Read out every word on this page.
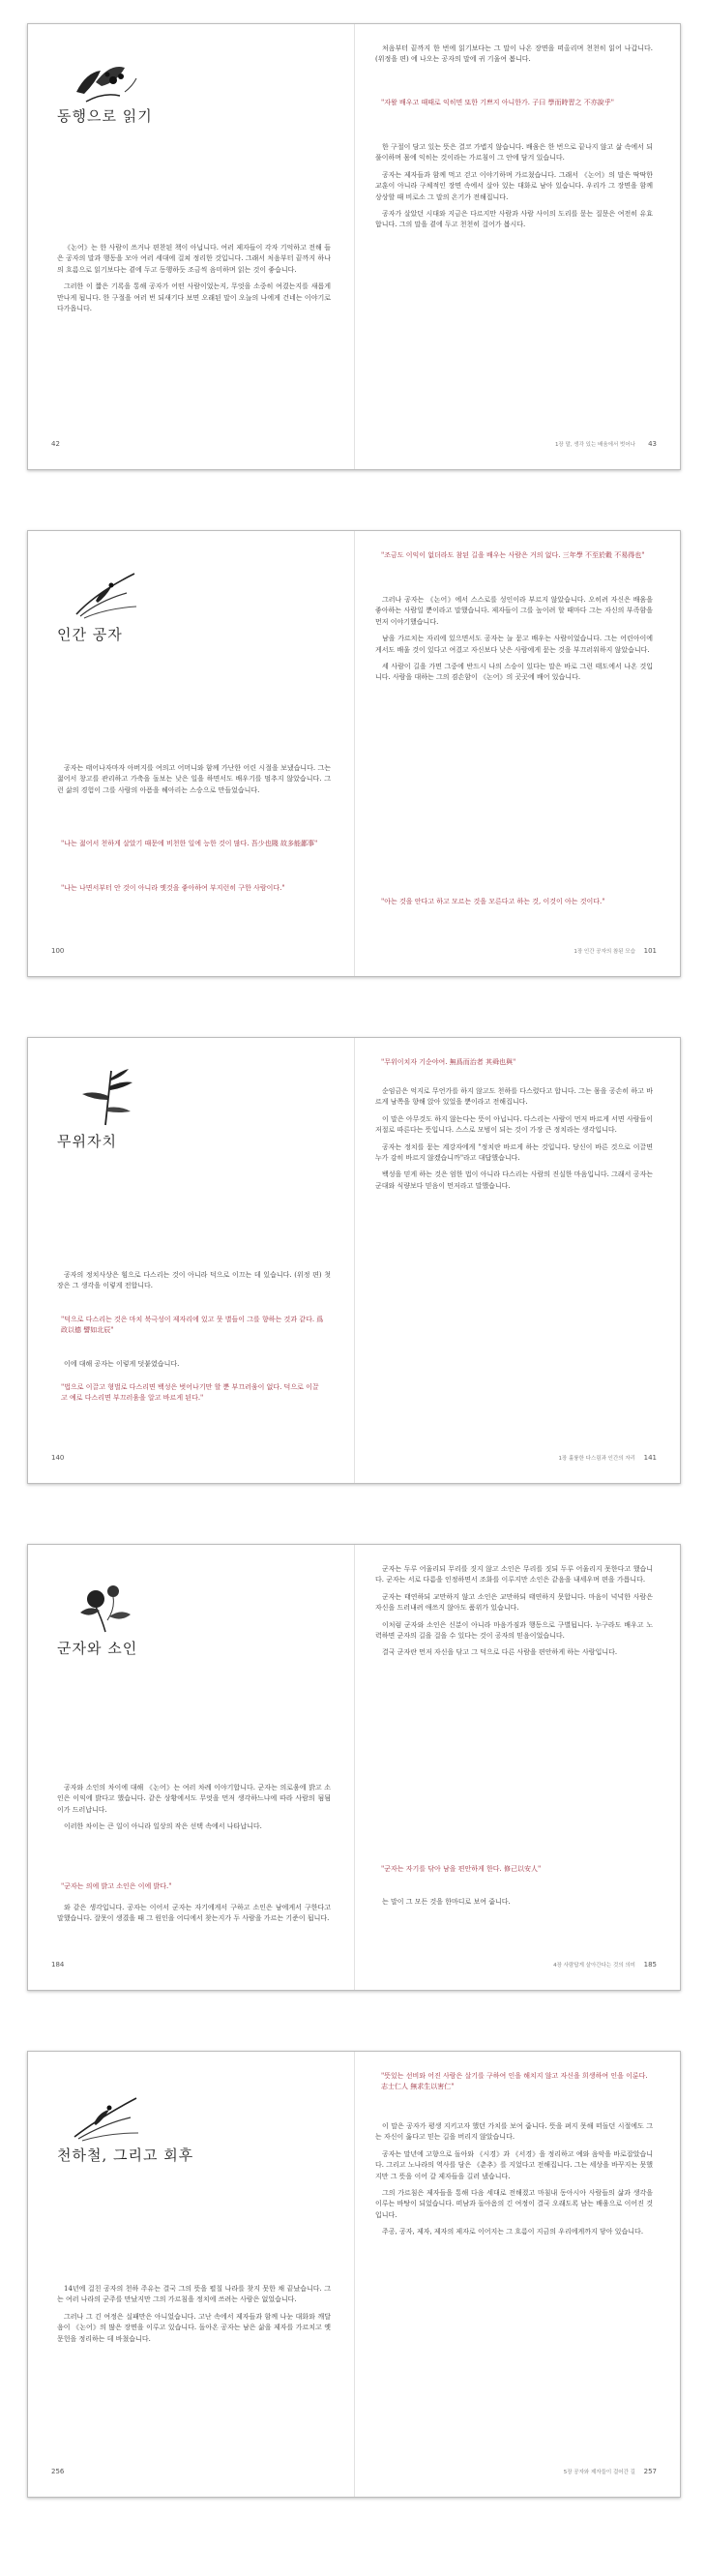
동행으로 읽기

《논어》는 한 사람이 쓰거나 편찬된 책이 아닙니다. 여러 제자들이 각자 기억하고 전해 들은 공자의 말과 행동을 모아 여러 세대에 걸쳐 정리한 것입니다. 그래서 처음부터 끝까지 하나의 흐름으로 읽기보다는 곁에 두고 동행하듯 조금씩 음미하며 읽는 것이 좋습니다.

그러한 이 짧은 기록을 통해 공자가 어떤 사람이었는지, 무엇을 소중히 여겼는지를 새롭게 만나게 됩니다. 한 구절을 여러 번 되새기다 보면 오래된 말이 오늘의 나에게 건네는 이야기로 다가옵니다.

42

처음부터 끝까지 한 번에 읽기보다는 그 말이 나온 장면을 떠올리며 천천히 읽어 나갑니다. (위정을 편) 에 나오는 공자의 말에 귀 기울여 봅니다.

"자왈 배우고 때때로 익히면 또한 기쁘지 아니한가. 子曰 學而時習之 不亦說乎"

한 구절이 담고 있는 뜻은 결코 가볍지 않습니다. 배움은 한 번으로 끝나지 않고 삶 속에서 되풀이하며 몸에 익히는 것이라는 가르침이 그 안에 담겨 있습니다.

공자는 제자들과 함께 먹고 걷고 이야기하며 가르쳤습니다. 그래서 《논어》의 말은 딱딱한 교훈이 아니라 구체적인 장면 속에서 살아 있는 대화로 남아 있습니다. 우리가 그 장면을 함께 상상할 때 비로소 그 말의 온기가 전해집니다.

공자가 살았던 시대와 지금은 다르지만 사람과 사람 사이의 도리를 묻는 질문은 여전히 유효합니다. 그의 말을 곁에 두고 천천히 걸어가 봅시다.

1장 말, 생각 있는 배움에서 벗어나 43
인간 공자

공자는 태어나자마자 아버지를 여의고 어머니와 함께 가난한 어린 시절을 보냈습니다. 그는 젊어서 창고를 관리하고 가축을 돌보는 낮은 일을 하면서도 배우기를 멈추지 않았습니다. 그런 삶의 경험이 그를 사람의 아픔을 헤아리는 스승으로 만들었습니다.

"나는 젊어서 천하게 살았기 때문에 비천한 일에 능한 것이 많다. 吾少也賤 故多能鄙事"

"나는 나면서부터 안 것이 아니라 옛것을 좋아하여 부지런히 구한 사람이다."

100

"조금도 이익이 없더라도 참된 길을 배우는 사람은 거의 없다. 三年學 不至於穀 不易得也"

그러나 공자는 《논어》에서 스스로를 성인이라 부르지 않았습니다. 오히려 자신은 배움을 좋아하는 사람일 뿐이라고 말했습니다. 제자들이 그를 높이려 할 때마다 그는 자신의 부족함을 먼저 이야기했습니다.

남을 가르치는 자리에 있으면서도 공자는 늘 묻고 배우는 사람이었습니다. 그는 어린아이에게서도 배울 것이 있다고 여겼고 자신보다 낮은 사람에게 묻는 것을 부끄러워하지 않았습니다.

세 사람이 길을 가면 그중에 반드시 나의 스승이 있다는 말은 바로 그런 태도에서 나온 것입니다. 사람을 대하는 그의 겸손함이 《논어》의 곳곳에 배어 있습니다.

"아는 것을 안다고 하고 모르는 것을 모른다고 하는 것, 이것이 아는 것이다."

1장 인간 공자의 참된 모습 101
무위자치

공자의 정치사상은 힘으로 다스리는 것이 아니라 덕으로 이끄는 데 있습니다. (위정 편) 첫 장은 그 생각을 이렇게 전합니다.

"덕으로 다스리는 것은 마치 북극성이 제자리에 있고 뭇 별들이 그를 향하는 것과 같다. 爲政以德 譬如北辰"

이에 대해 공자는 이렇게 덧붙였습니다.

"법으로 이끌고 형벌로 다스리면 백성은 벗어나기만 할 뿐 부끄러움이 없다. 덕으로 이끌고 예로 다스리면 부끄러움을 알고 바르게 된다."

140

"무위이치자 기순야여. 無爲而治者 其舜也與"

순임금은 억지로 무언가를 하지 않고도 천하를 다스렸다고 합니다. 그는 몸을 공손히 하고 바르게 남쪽을 향해 앉아 있었을 뿐이라고 전해집니다.

이 말은 아무것도 하지 않는다는 뜻이 아닙니다. 다스리는 사람이 먼저 바르게 서면 사람들이 저절로 따른다는 뜻입니다. 스스로 모범이 되는 것이 가장 큰 정치라는 생각입니다.

공자는 정치를 묻는 계강자에게 "정치란 바르게 하는 것입니다. 당신이 바른 것으로 이끌면 누가 감히 바르지 않겠습니까"라고 대답했습니다.

백성을 믿게 하는 것은 엄한 법이 아니라 다스리는 사람의 진실한 마음입니다. 그래서 공자는 군대와 식량보다 믿음이 먼저라고 말했습니다.

1장 훌륭한 다스림과 인간의 자리 141
군자와 소인

공자와 소인의 차이에 대해 《논어》는 여러 차례 이야기합니다. 군자는 의로움에 밝고 소인은 이익에 밝다고 했습니다. 같은 상황에서도 무엇을 먼저 생각하느냐에 따라 사람의 됨됨이가 드러납니다.

이러한 차이는 큰 일이 아니라 일상의 작은 선택 속에서 나타납니다.

"군자는 의에 밝고 소인은 이에 밝다."

와 같은 생각입니다. 공자는 이어서 군자는 자기에게서 구하고 소인은 남에게서 구한다고 말했습니다. 잘못이 생겼을 때 그 원인을 어디에서 찾는지가 두 사람을 가르는 기준이 됩니다.

184

군자는 두루 어울리되 무리를 짓지 않고 소인은 무리를 짓되 두루 어울리지 못한다고 했습니다. 군자는 서로 다름을 인정하면서 조화를 이루지만 소인은 같음을 내세우며 편을 가릅니다.

군자는 태연하되 교만하지 않고 소인은 교만하되 태연하지 못합니다. 마음이 넉넉한 사람은 자신을 드러내려 애쓰지 않아도 품위가 있습니다.

이처럼 군자와 소인은 신분이 아니라 마음가짐과 행동으로 구별됩니다. 누구라도 배우고 노력하면 군자의 길을 걸을 수 있다는 것이 공자의 믿음이었습니다.

결국 군자란 먼저 자신을 닦고 그 덕으로 다른 사람을 편안하게 하는 사람입니다.

"군자는 자기를 닦아 남을 편안하게 한다. 修己以安人"

는 말이 그 모든 것을 한마디로 보여 줍니다.

4장 사람답게 살아간다는 것의 의미 185
천하철, 그리고 회후

14년에 걸친 공자의 천하 주유는 결국 그의 뜻을 펼칠 나라를 찾지 못한 채 끝났습니다. 그는 여러 나라의 군주를 만났지만 그의 가르침을 정치에 쓰려는 사람은 없었습니다.

그러나 그 긴 여정은 실패만은 아니었습니다. 고난 속에서 제자들과 함께 나눈 대화와 깨달음이 《논어》의 많은 장면을 이루고 있습니다. 돌아온 공자는 남은 삶을 제자를 가르치고 옛 문헌을 정리하는 데 바쳤습니다.

256

"뜻있는 선비와 어진 사람은 살기를 구하여 인을 해치지 않고 자신을 희생하여 인을 이룬다. 志士仁人 無求生以害仁"

이 말은 공자가 평생 지키고자 했던 가치를 보여 줍니다. 뜻을 펴지 못해 떠돌던 시절에도 그는 자신이 옳다고 믿는 길을 버리지 않았습니다.

공자는 말년에 고향으로 돌아와 《시경》과 《서경》을 정리하고 예와 음악을 바로잡았습니다. 그리고 노나라의 역사를 담은 《춘추》를 지었다고 전해집니다. 그는 세상을 바꾸지는 못했지만 그 뜻을 이어 갈 제자들을 길러 냈습니다.

그의 가르침은 제자들을 통해 다음 세대로 전해졌고 마침내 동아시아 사람들의 삶과 생각을 이루는 바탕이 되었습니다. 떠남과 돌아옴의 긴 여정이 결국 오래도록 남는 배움으로 이어진 것입니다.

주공, 공자, 제자, 제자의 제자로 이어지는 그 흐름이 지금의 우리에게까지 닿아 있습니다.

5장 공자와 제자들이 걸어간 길 257
